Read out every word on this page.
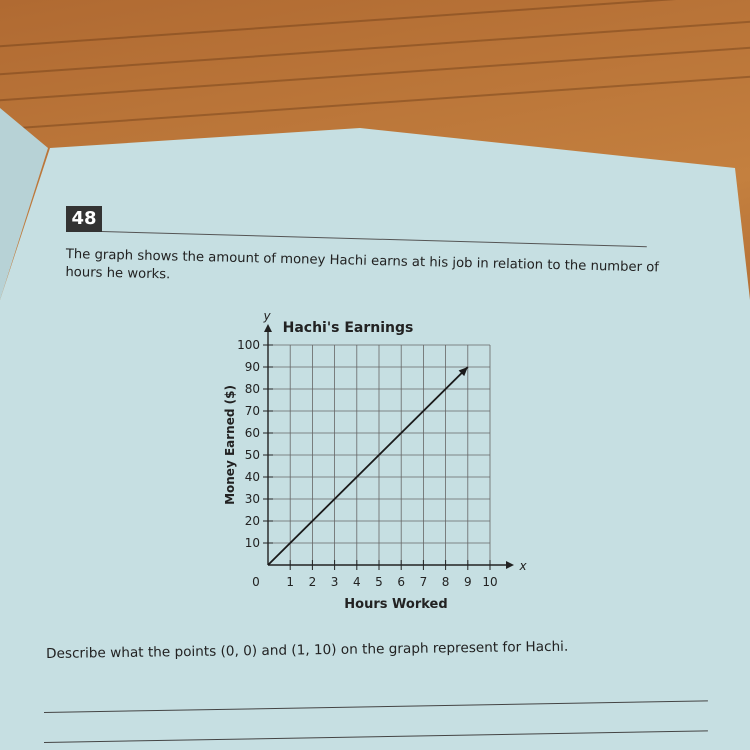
48
The graph shows the amount of money Hachi earns at his job in relation to the number of hours he works.
10
20
30
40
50
60
70
80
90
100
1 2 3 4 5 6 7 8 9 10
Hachi's Earnings
Hours Worked
Money Earned ($)
y
x
0
Describe what the points (0, 0) and (1, 10) on the graph represent for Hachi.
